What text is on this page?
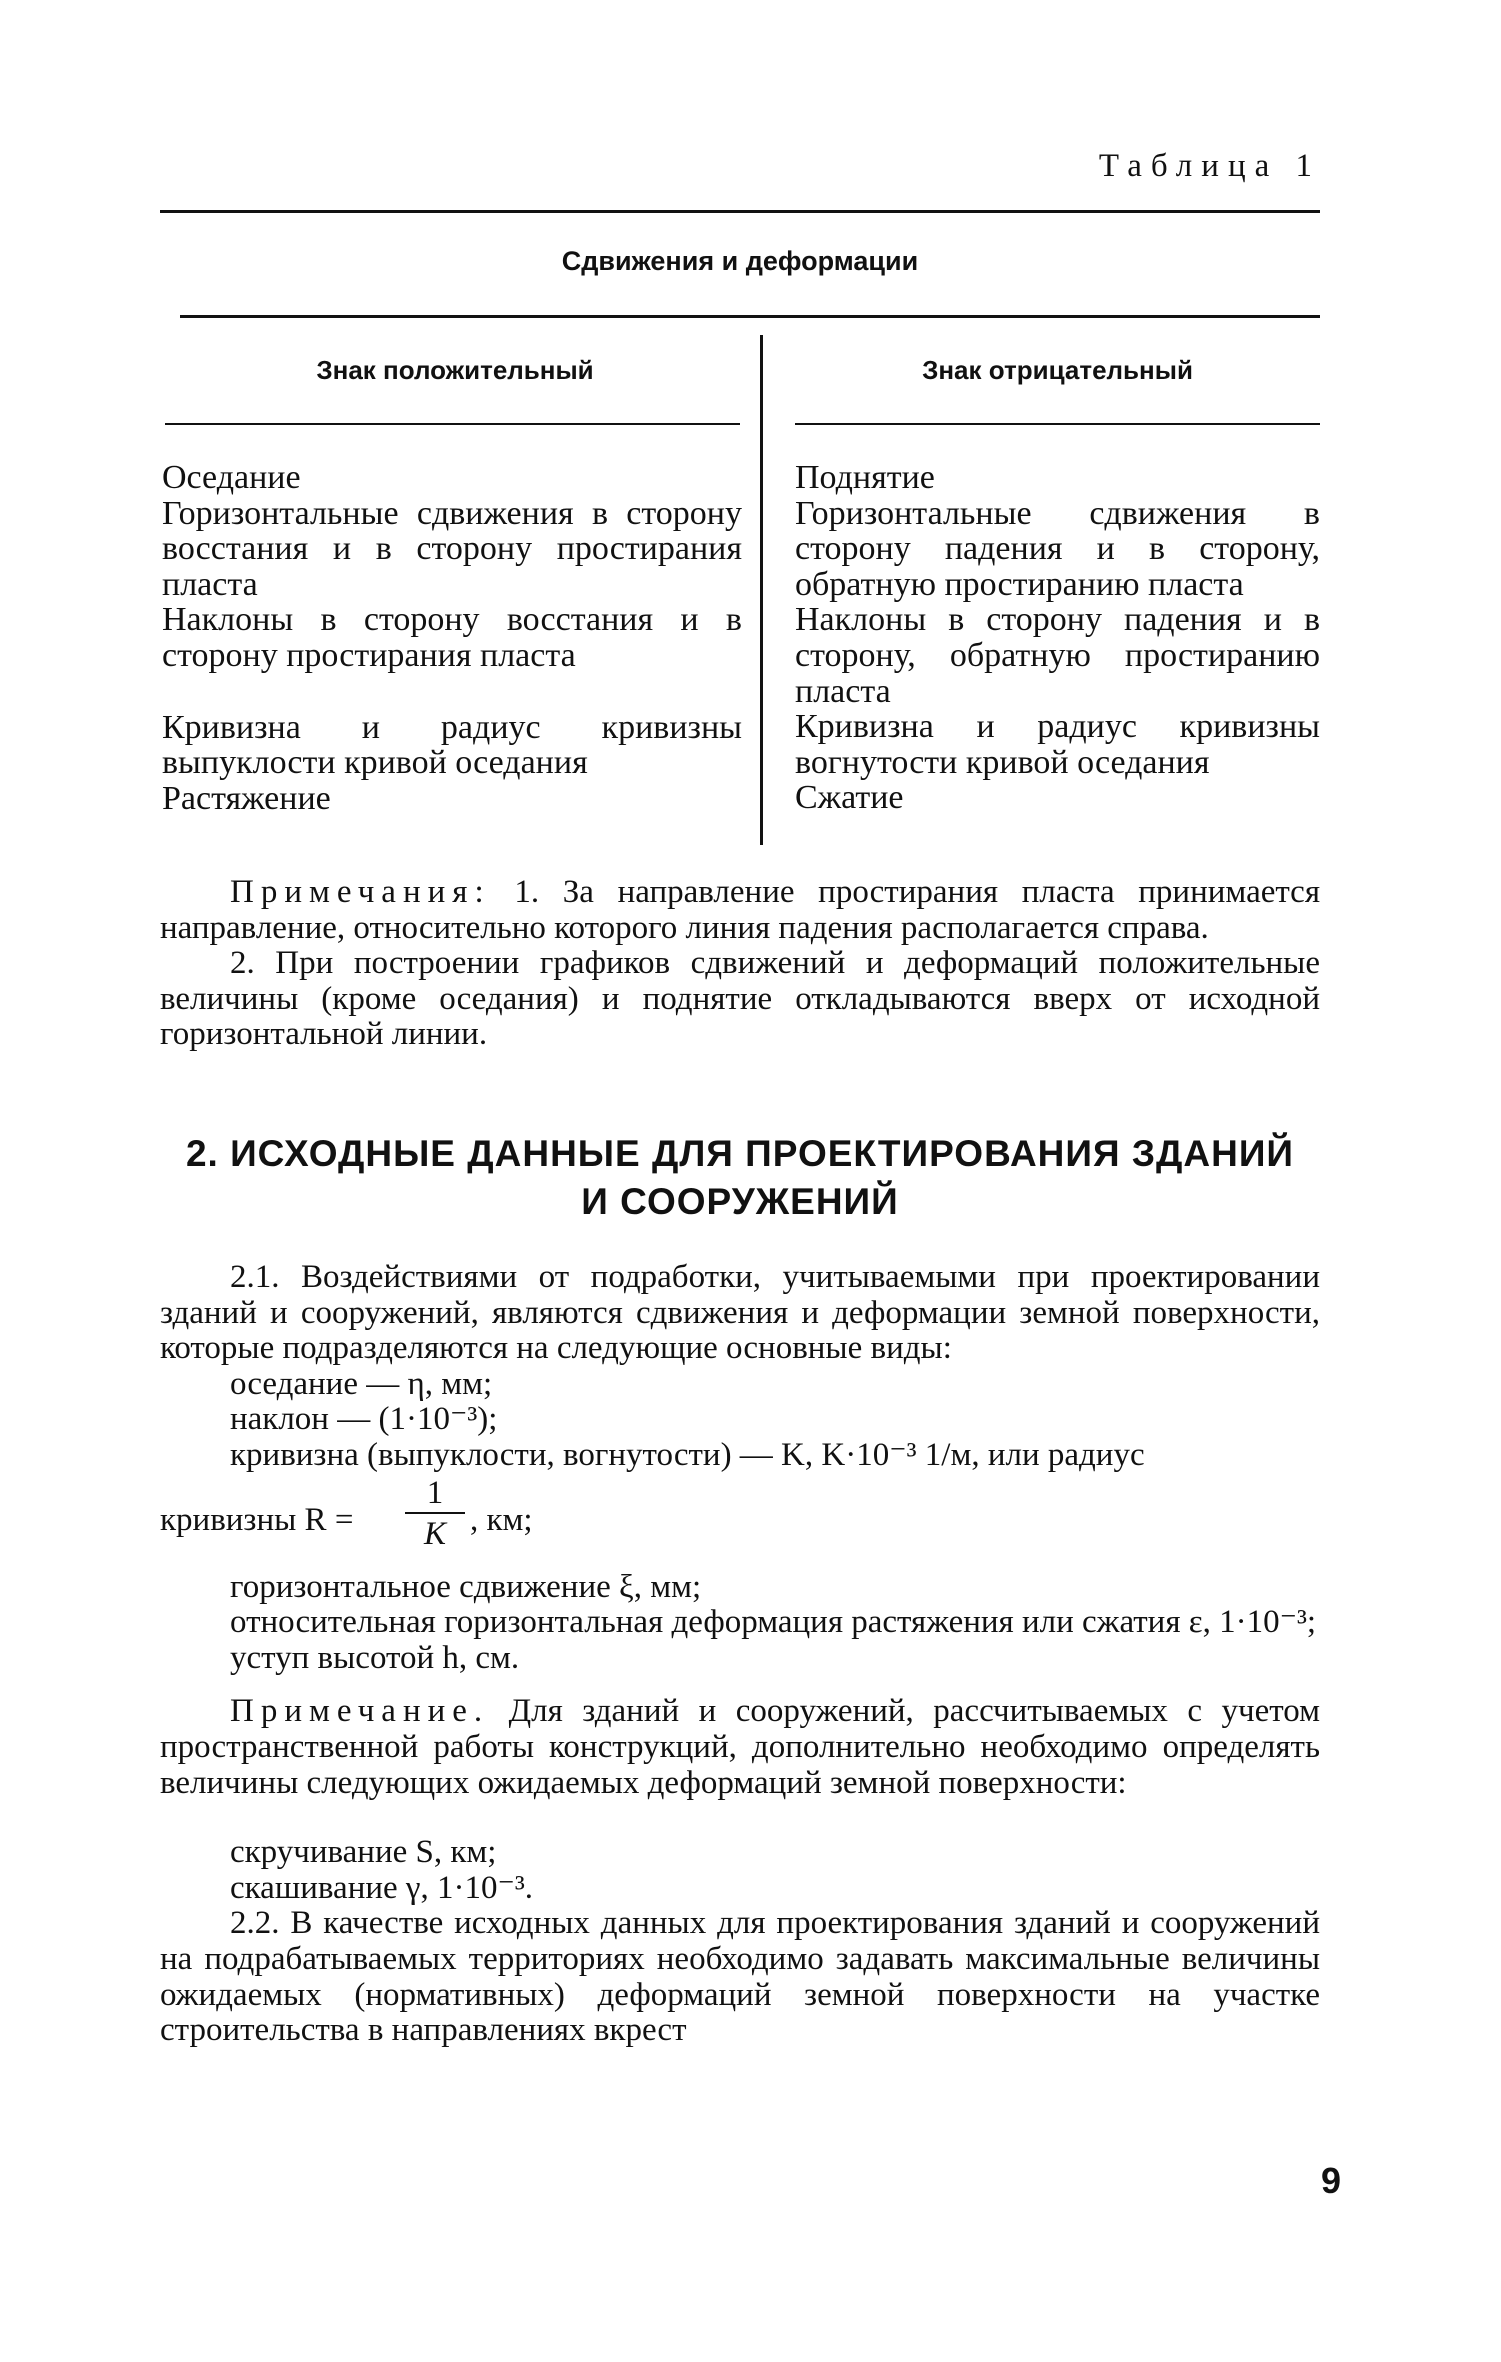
Таблица 1
Сдвижения и деформации
Знак положительный	Знак отрицательный
Оседание
Горизонтальные сдвижения в сторону восстания и в сторону простирания пласта
Наклоны в сторону восстания и в сторону простирания пласта
Кривизна и радиус кривизны выпуклости кривой оседания
Растяжение
Поднятие
Горизонтальные сдвижения в сторону падения и в сторону, обратную простиранию пласта
Наклоны в сторону падения и в сторону, обратную простиранию пласта
Кривизна и радиус кривизны вогнутости кривой оседания
Сжатие
Примечания: 1. За направление простирания пласта принимается направление, относительно которого линия падения располагается справа.
2. При построении графиков сдвижений и деформаций положительные величины (кроме оседания) и поднятие откладываются вверх от исходной горизонтальной линии.
2. ИСХОДНЫЕ ДАННЫЕ ДЛЯ ПРОЕКТИРОВАНИЯ ЗДАНИЙ
И СООРУЖЕНИЙ
2.1. Воздействиями от подработки, учитываемыми при проектировании зданий и сооружений, являются сдвижения и деформации земной поверхности, которые подразделяются на следующие основные виды:
оседание — η, мм;
наклон — (1·10⁻³);
кривизна (выпуклости, вогнутости) — K, K·10⁻³ 1/м, или радиус
кривизны $R = \frac{1}{K}$ , км;
горизонтальное сдвижение ξ, мм;
относительная горизонтальная деформация растяжения или сжатия ε, 1·10⁻³;
уступ высотой h, см.
Примечание. Для зданий и сооружений, рассчитываемых с учетом пространственной работы конструкций, дополнительно необходимо определять величины следующих ожидаемых деформаций земной поверхности:
скручивание S, км;
скашивание γ, 1·10⁻³.
2.2. В качестве исходных данных для проектирования зданий и сооружений на подрабатываемых территориях необходимо задавать максимальные величины ожидаемых (нормативных) деформаций земной поверхности на участке строительства в направлениях вкрест
9
